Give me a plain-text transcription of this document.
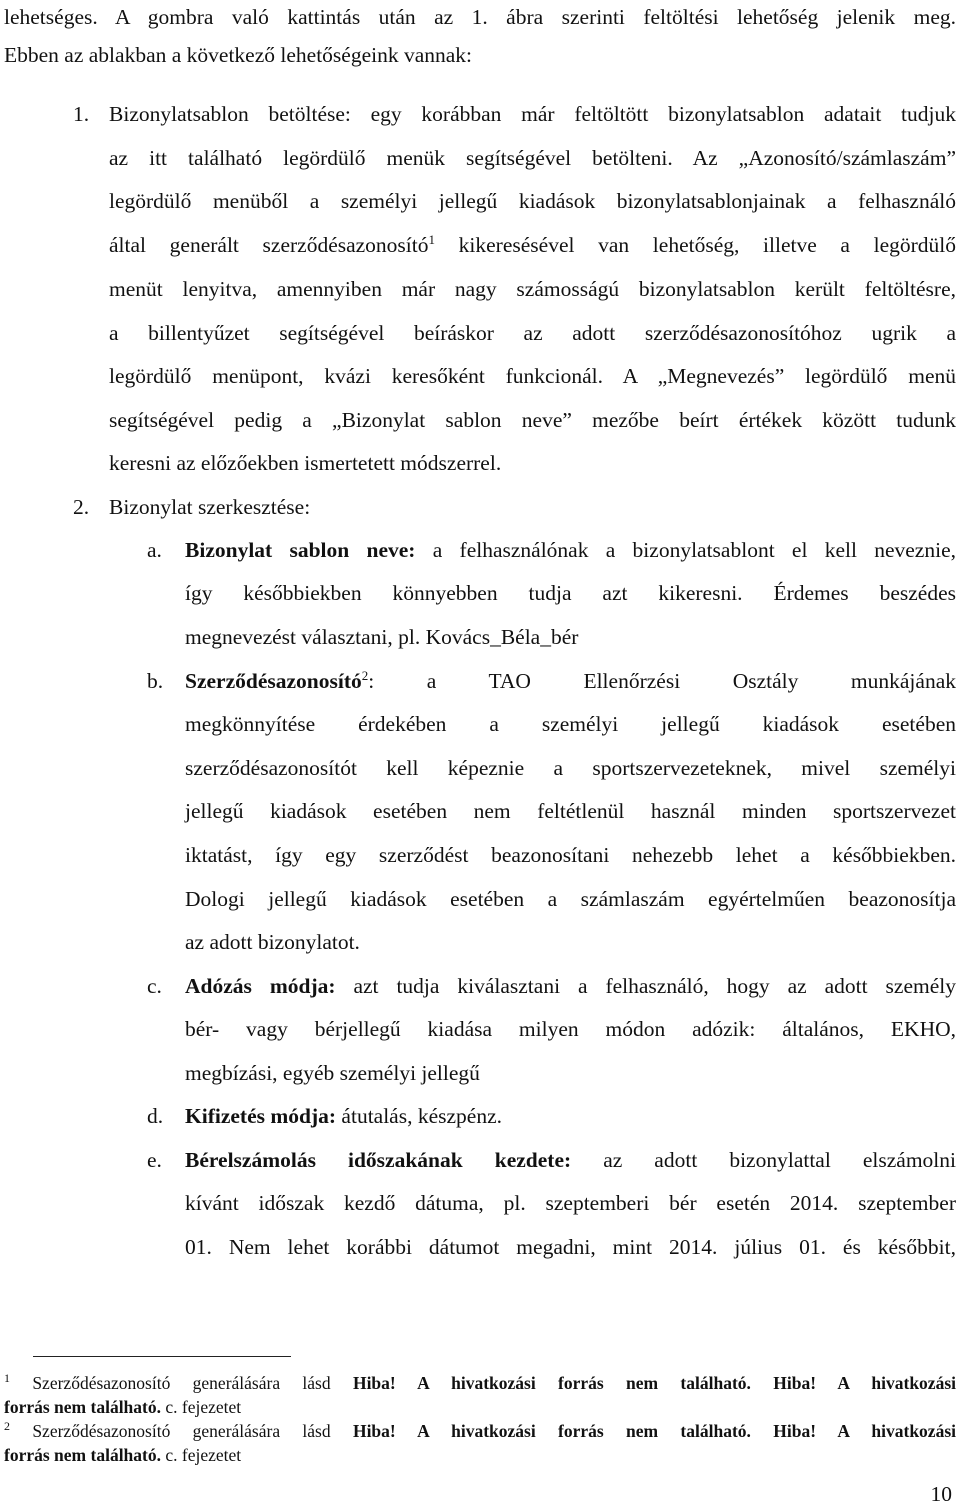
lehetséges. A gombra való kattintás után az 1. ábra szerinti feltöltési lehetőség jelenik meg.
Ebben az ablakban a következő lehetőségeink vannak:
1. Bizonylatsablon betöltése: egy korábban már feltöltött bizonylatsablon adatait tudjuk
az itt található legördülő menük segítségével betölteni. Az „Azonosító/számlaszám”
legördülő menüből a személyi jellegű kiadások bizonylatsablonjainak a felhasználó
által generált szerződésazonosító$^1$ kikeresésével van lehetőség, illetve a legördülő
menüt lenyitva, amennyiben már nagy számosságú bizonylatsablon került feltöltésre,
a billentyűzet segítségével beíráskor az adott szerződésazonosítóhoz ugrik a
legördülő menüpont, kvázi keresőként funkcionál. A „Megnevezés” legördülő menü
segítségével pedig a „Bizonylat sablon neve” mezőbe beírt értékek között tudunk
keresni az előzőekben ismertetett módszerrel.
2. Bizonylat szerkesztése:
a. Bizonylat sablon neve: a felhasználónak a bizonylatsablont el kell neveznie,
így későbbiekben könnyebben tudja azt kikeresni. Érdemes beszédes
megnevezést választani, pl. Kovács_Béla_bér
b. Szerződésazonosító$^2$: a TAO Ellenőrzési Osztály munkájának
megkönnyítése érdekében a személyi jellegű kiadások esetében
szerződésazonosítót kell képeznie a sportszervezeteknek, mivel személyi
jellegű kiadások esetében nem feltétlenül használ minden sportszervezet
iktatást, így egy szerződést beazonosítani nehezebb lehet a későbbiekben.
Dologi jellegű kiadások esetében a számlaszám egyértelműen beazonosítja
az adott bizonylatot.
c. Adózás módja: azt tudja kiválasztani a felhasználó, hogy az adott személy
bér- vagy bérjellegű kiadása milyen módon adózik: általános, EKHO,
megbízási, egyéb személyi jellegű
d. Kifizetés módja: átutalás, készpénz.
e. Bérelszámolás időszakának kezdete: az adott bizonylattal elszámolni
kívánt időszak kezdő dátuma, pl. szeptemberi bér esetén 2014. szeptember
01. Nem lehet korábbi dátumot megadni, mint 2014. július 01. és későbbit,
$^1$ Szerződésazonosító generálására lásd Hiba! A hivatkozási forrás nem található. Hiba! A hivatkozási
forrás nem található. c. fejezetet
$^2$ Szerződésazonosító generálására lásd Hiba! A hivatkozási forrás nem található. Hiba! A hivatkozási
forrás nem található. c. fejezetet
10
